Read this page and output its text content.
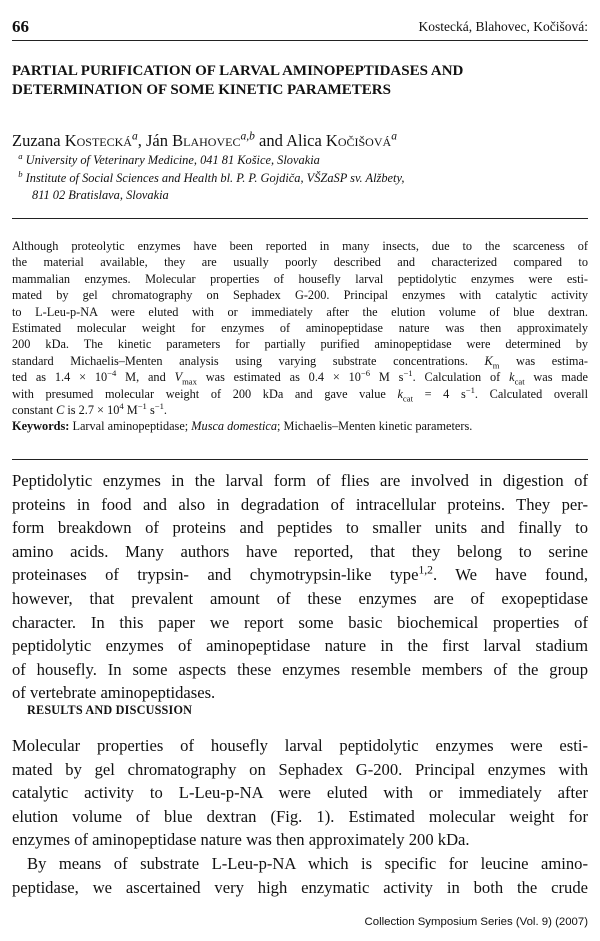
66	Kostecká, Blahovec, Kočišová:
PARTIAL PURIFICATION OF LARVAL AMINOPEPTIDASES AND
DETERMINATION OF SOME KINETIC PARAMETERS
Zuzana Kostecká$^a$, Ján Blahovec$^{a,b}$ and Alica Kočišová$^a$
$^a$ University of Veterinary Medicine, 041 81 Košice, Slovakia
$^b$ Institute of Social Sciences and Health bl. P. P. Gojdiča, VŠZaSP sv. Alžbety,
811 02 Bratislava, Slovakia
Although proteolytic enzymes have been reported in many insects, due to the scarceness of
the material available, they are usually poorly described and characterized compared to
mammalian enzymes. Molecular properties of housefly larval peptidolytic enzymes were esti-
mated by gel chromatography on Sephadex G-200. Principal enzymes with catalytic activity
to L-Leu-p-NA were eluted with or immediately after the elution volume of blue dextran.
Estimated molecular weight for enzymes of aminopeptidase nature was then approximately
200 kDa. The kinetic parameters for partially purified aminopeptidase were determined by
standard Michaelis–Menten analysis using varying substrate concentrations. $K_m$ was estima-
ted as $1.4 \times 10^{-4}$ M, and $V_{max}$ was estimated as $0.4 \times 10^{-6}$ M $s^{-1}$. Calculation of $k_{cat}$ was made
with presumed molecular weight of 200 kDa and gave value $k_{cat} = 4$ $s^{-1}$. Calculated overall
constant C is $2.7 \times 10^4$ $M^{-1}$ $s^{-1}$.
Keywords: Larval aminopeptidase; Musca domestica; Michaelis–Menten kinetic parameters.
Peptidolytic enzymes in the larval form of flies are involved in digestion of
proteins in food and also in degradation of intracellular proteins. They per-
form breakdown of proteins and peptides to smaller units and finally to
amino acids. Many authors have reported, that they belong to serine
proteinases of trypsin- and chymotrypsin-like type$^{1,2}$. We have found,
however, that prevalent amount of these enzymes are of exopeptidase
character. In this paper we report some basic biochemical properties of
peptidolytic enzymes of aminopeptidase nature in the first larval stadium
of housefly. In some aspects these enzymes resemble members of the group
of vertebrate aminopeptidases.
RESULTS AND DISCUSSION
Molecular properties of housefly larval peptidolytic enzymes were esti-
mated by gel chromatography on Sephadex G-200. Principal enzymes with
catalytic activity to L-Leu-p-NA were eluted with or immediately after
elution volume of blue dextran (Fig. 1). Estimated molecular weight for
enzymes of aminopeptidase nature was then approximately 200 kDa.
By means of substrate L-Leu-p-NA which is specific for leucine amino-
peptidase, we ascertained very high enzymatic activity in both the crude
Collection Symposium Series (Vol. 9) (2007)
